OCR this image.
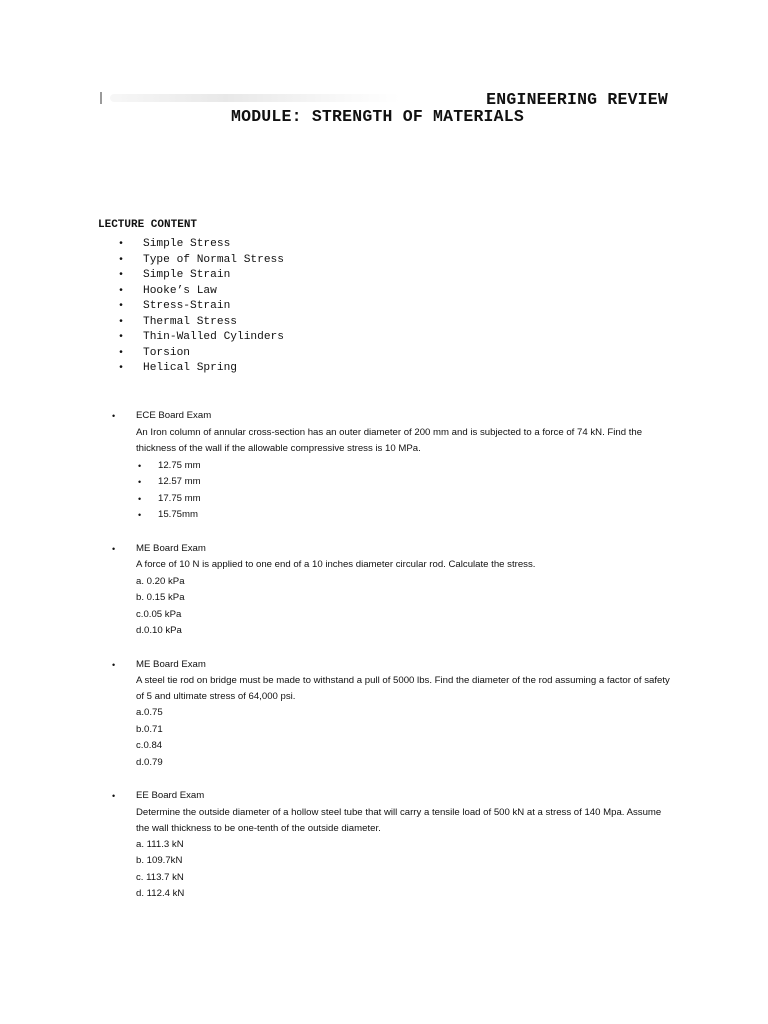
ENGINEERING REVIEW
MODULE: STRENGTH OF MATERIALS
LECTURE CONTENT
• Simple Stress
• Type of Normal Stress
• Simple Strain
• Hooke’s Law
• Stress-Strain
• Thermal Stress
• Thin-Walled Cylinders
• Torsion
• Helical Spring
• ECE Board Exam

An Iron column of annular cross-section has an outer diameter of 200 mm and is subjected to a force of 74 kN. Find the thickness of the wall if the allowable compressive stress is 10 MPa.

• 12.75 mm
• 12.57 mm
• 17.75 mm
• 15.75mm
• ME Board Exam

A force of 10 N is applied to one end of a 10 inches diameter circular rod. Calculate the stress.

a. 0.20 kPa
b. 0.15 kPa
c.0.05 kPa
d.0.10 kPa
• ME Board Exam

A steel tie rod on bridge must be made to withstand a pull of 5000 lbs. Find the diameter of the rod assuming a factor of safety of 5 and ultimate stress of 64,000 psi.

a.0.75
b.0.71
c.0.84
d.0.79
• EE Board Exam

Determine the outside diameter of a hollow steel tube that will carry a tensile load of 500 kN at a stress of 140 Mpa. Assume the wall thickness to be one-tenth of the outside diameter.

a. 111.3 kN
b. 109.7kN
c. 113.7 kN
d. 112.4 kN
